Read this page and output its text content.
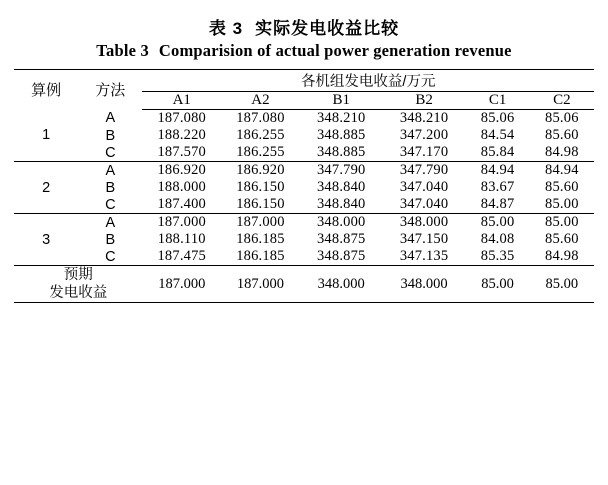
表 3 实际发电收益比较
Table 3 Comparision of actual power generation revenue

算例	方法	各机组发电收益/万元					
		A1	A2	B1	B2	C1	C2
1	A	187.080	187.080	348.210	348.210	85.06	85.06
	B	188.220	186.255	348.885	347.200	84.54	85.60
	C	187.570	186.255	348.885	347.170	85.84	84.98

2	A	186.920	186.920	347.790	347.790	84.94	84.94
	B	188.000	186.150	348.840	347.040	83.67	85.60
	C	187.400	186.150	348.840	347.040	84.87	85.00

3	A	187.000	187.000	348.000	348.000	85.00	85.00
	B	188.110	186.185	348.875	347.150	84.08	85.60
	C	187.475	186.185	348.875	347.135	85.35	84.98

预期
发电收益		187.000	187.000	348.000	348.000	85.00	85.00
